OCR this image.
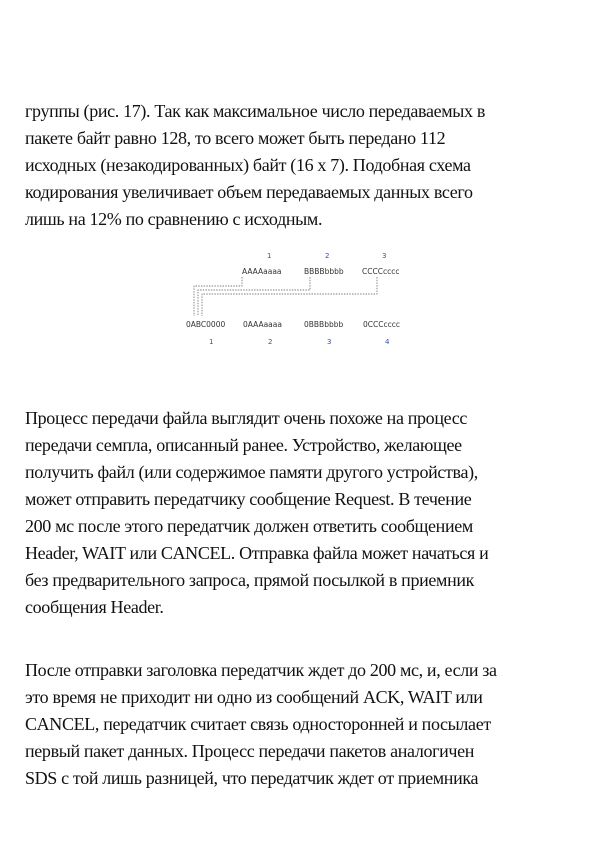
группы (рис. 17). Так как максимальное число передаваемых в
пакете байт равно 128, то всего может быть передано 112
исходных (незакодированных) байт (16 х 7). Подобная схема
кодирования увеличивает объем передаваемых данных всего
лишь на 12% по сравнению с исходным.

1	2	3
AAAAaaaa	BBBBbbbb CCCCcccc
0ABC0000 0AAAaaaa	0BBBbbbb	0CCCcccc
1	2	3	4

Процесс передачи файла выглядит очень похоже на процесс
передачи семпла, описанный ранее. Устройство, желающее
получить файл (или содержимое памяти другого устройства),
может отправить передатчику сообщение Request. В течение
200 мс после этого передатчик должен ответить сообщением
Header, WAIT или CANCEL. Отправка файла может начаться и
без предварительного запроса, прямой посылкой в приемник
сообщения Header.

После отправки заголовка передатчик ждет до 200 мс, и, если за
это время не приходит ни одно из сообщений ACK, WAIT или
CANCEL, передатчик считает связь односторонней и посылает
первый пакет данных. Процесс передачи пакетов аналогичен
SDS с той лишь разницей, что передатчик ждет от приемника
